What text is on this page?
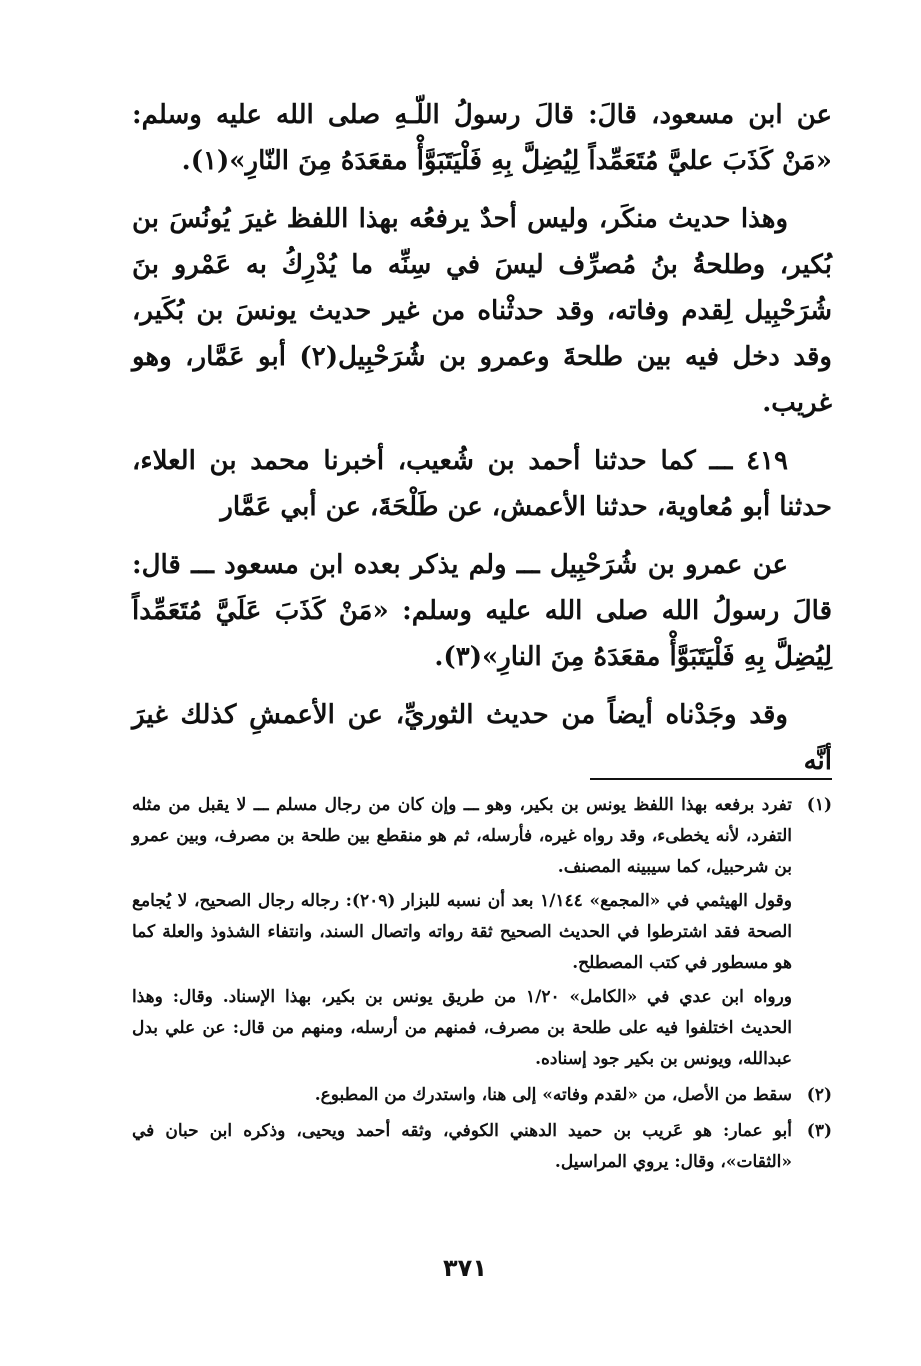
عن ابن مسعود، قالَ: قالَ رسولُ اللّـهِ صلى الله عليه وسلم: «مَنْ كَذَبَ عليَّ مُتَعَمِّداً لِيُضِلَّ بِهِ فَلْيَتَبَوَّأْ مقعَدَهُ مِنَ النّارِ»(١).

وهذا حديث منكَر، وليس أحدٌ يرفعُه بهذا اللفظ غيرَ يُونُسَ بن بُكير، وطلحةُ بنُ مُصرِّف ليسَ في سِنِّه ما يُدْرِكُ به عَمْرو بنَ شُرَحْبِيل لِقدم وفاته، وقد حدثْناه من غير حديث يونسَ بن بُكَير، وقد دخل فيه بين طلحةَ وعمرو بن شُرَحْبِيل(٢) أبو عَمَّار، وهو غريب.

٤١٩ ـــ كما حدثنا أحمد بن شُعيب، أخبرنا محمد بن العلاء، حدثنا أبو مُعاوية، حدثنا الأعمش، عن طَلْحَةَ، عن أبي عَمَّار

عن عمرو بن شُرَحْبِيل ـــ ولم يذكر بعده ابن مسعود ـــ قال: قالَ رسولُ الله صلى الله عليه وسلم: «مَنْ كَذَبَ عَلَيَّ مُتَعَمِّداً لِيُضِلَّ بِهِ فَلْيَتَبَوَّأْ مقعَدَهُ مِنَ النارِ»(٣).

وقد وجَدْناه أيضاً من حديث الثوريِّ، عن الأعمشِ كذلك غيرَ أنَّه

(١)
تفرد برفعه بهذا اللفظ يونس بن بكير، وهو ـــ وإن كان من رجال مسلم ـــ لا يقبل من مثله التفرد، لأنه يخطىء، وقد رواه غيره، فأرسله، ثم هو منقطع بين طلحة بن مصرف، وبين عمرو بن شرحبيل، كما سيبينه المصنف.
وقول الهيثمي في «المجمع» ١/١٤٤ بعد أن نسبه للبزار (٢٠٩): رجاله رجال الصحيح، لا يُجامع الصحة فقد اشترطوا في الحديث الصحيح ثقة رواته واتصال السند، وانتفاء الشذوذ والعلة كما هو مسطور في كتب المصطلح.
ورواه ابن عدي في «الكامل» ١/٢٠ من طريق يونس بن بكير، بهذا الإسناد. وقال: وهذا الحديث اختلفوا فيه على طلحة بن مصرف، فمنهم من أرسله، ومنهم من قال: عن علي بدل عبدالله، ويونس بن بكير جود إسناده.
(٢)
سقط من الأصل، من «لقدم وفاته» إلى هنا، واستدرك من المطبوع.
(٣)
أبو عمار: هو عَريب بن حميد الدهني الكوفي، وثقه أحمد ويحيى، وذكره ابن حبان في «الثقات»، وقال: يروي المراسيل.
٣٧١
